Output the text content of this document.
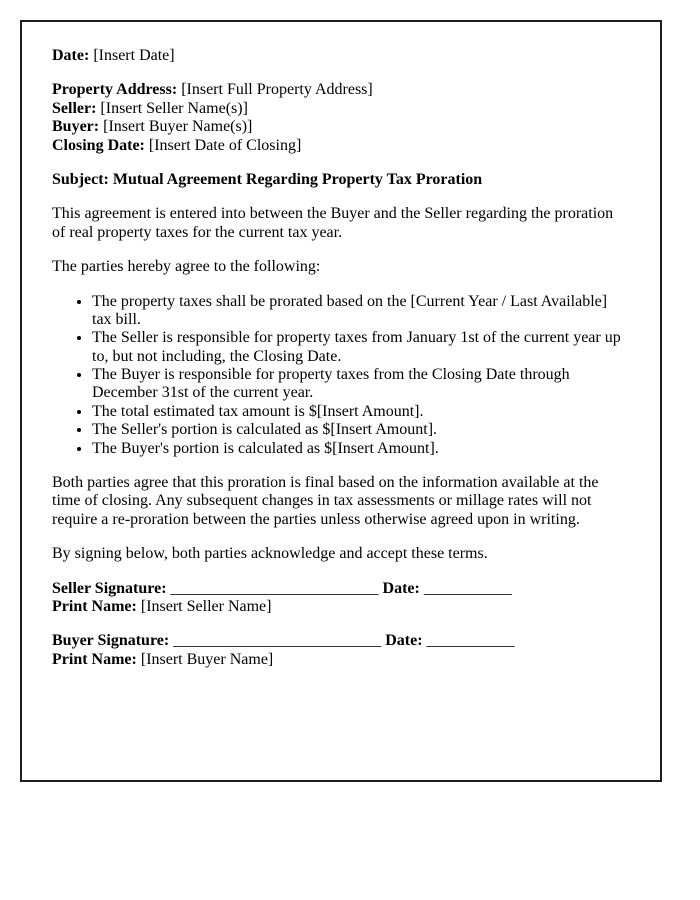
Date: [Insert Date]

Property Address: [Insert Full Property Address]
Seller: [Insert Seller Name(s)]
Buyer: [Insert Buyer Name(s)]
Closing Date: [Insert Date of Closing]

Subject: Mutual Agreement Regarding Property Tax Proration

This agreement is entered into between the Buyer and the Seller regarding the proration of real property taxes for the current tax year.

The parties hereby agree to the following:

• The property taxes shall be prorated based on the [Current Year / Last Available] tax bill.
• The Seller is responsible for property taxes from January 1st of the current year up to, but not including, the Closing Date.
• The Buyer is responsible for property taxes from the Closing Date through December 31st of the current year.
• The total estimated tax amount is $[Insert Amount].
• The Seller's portion is calculated as $[Insert Amount].
• The Buyer's portion is calculated as $[Insert Amount].

Both parties agree that this proration is final based on the information available at the time of closing. Any subsequent changes in tax assessments or millage rates will not require a re-proration between the parties unless otherwise agreed upon in writing.

By signing below, both parties acknowledge and accept these terms.

Seller Signature: __________________________ Date: ___________
Print Name: [Insert Seller Name]

Buyer Signature: __________________________ Date: ___________
Print Name: [Insert Buyer Name]
